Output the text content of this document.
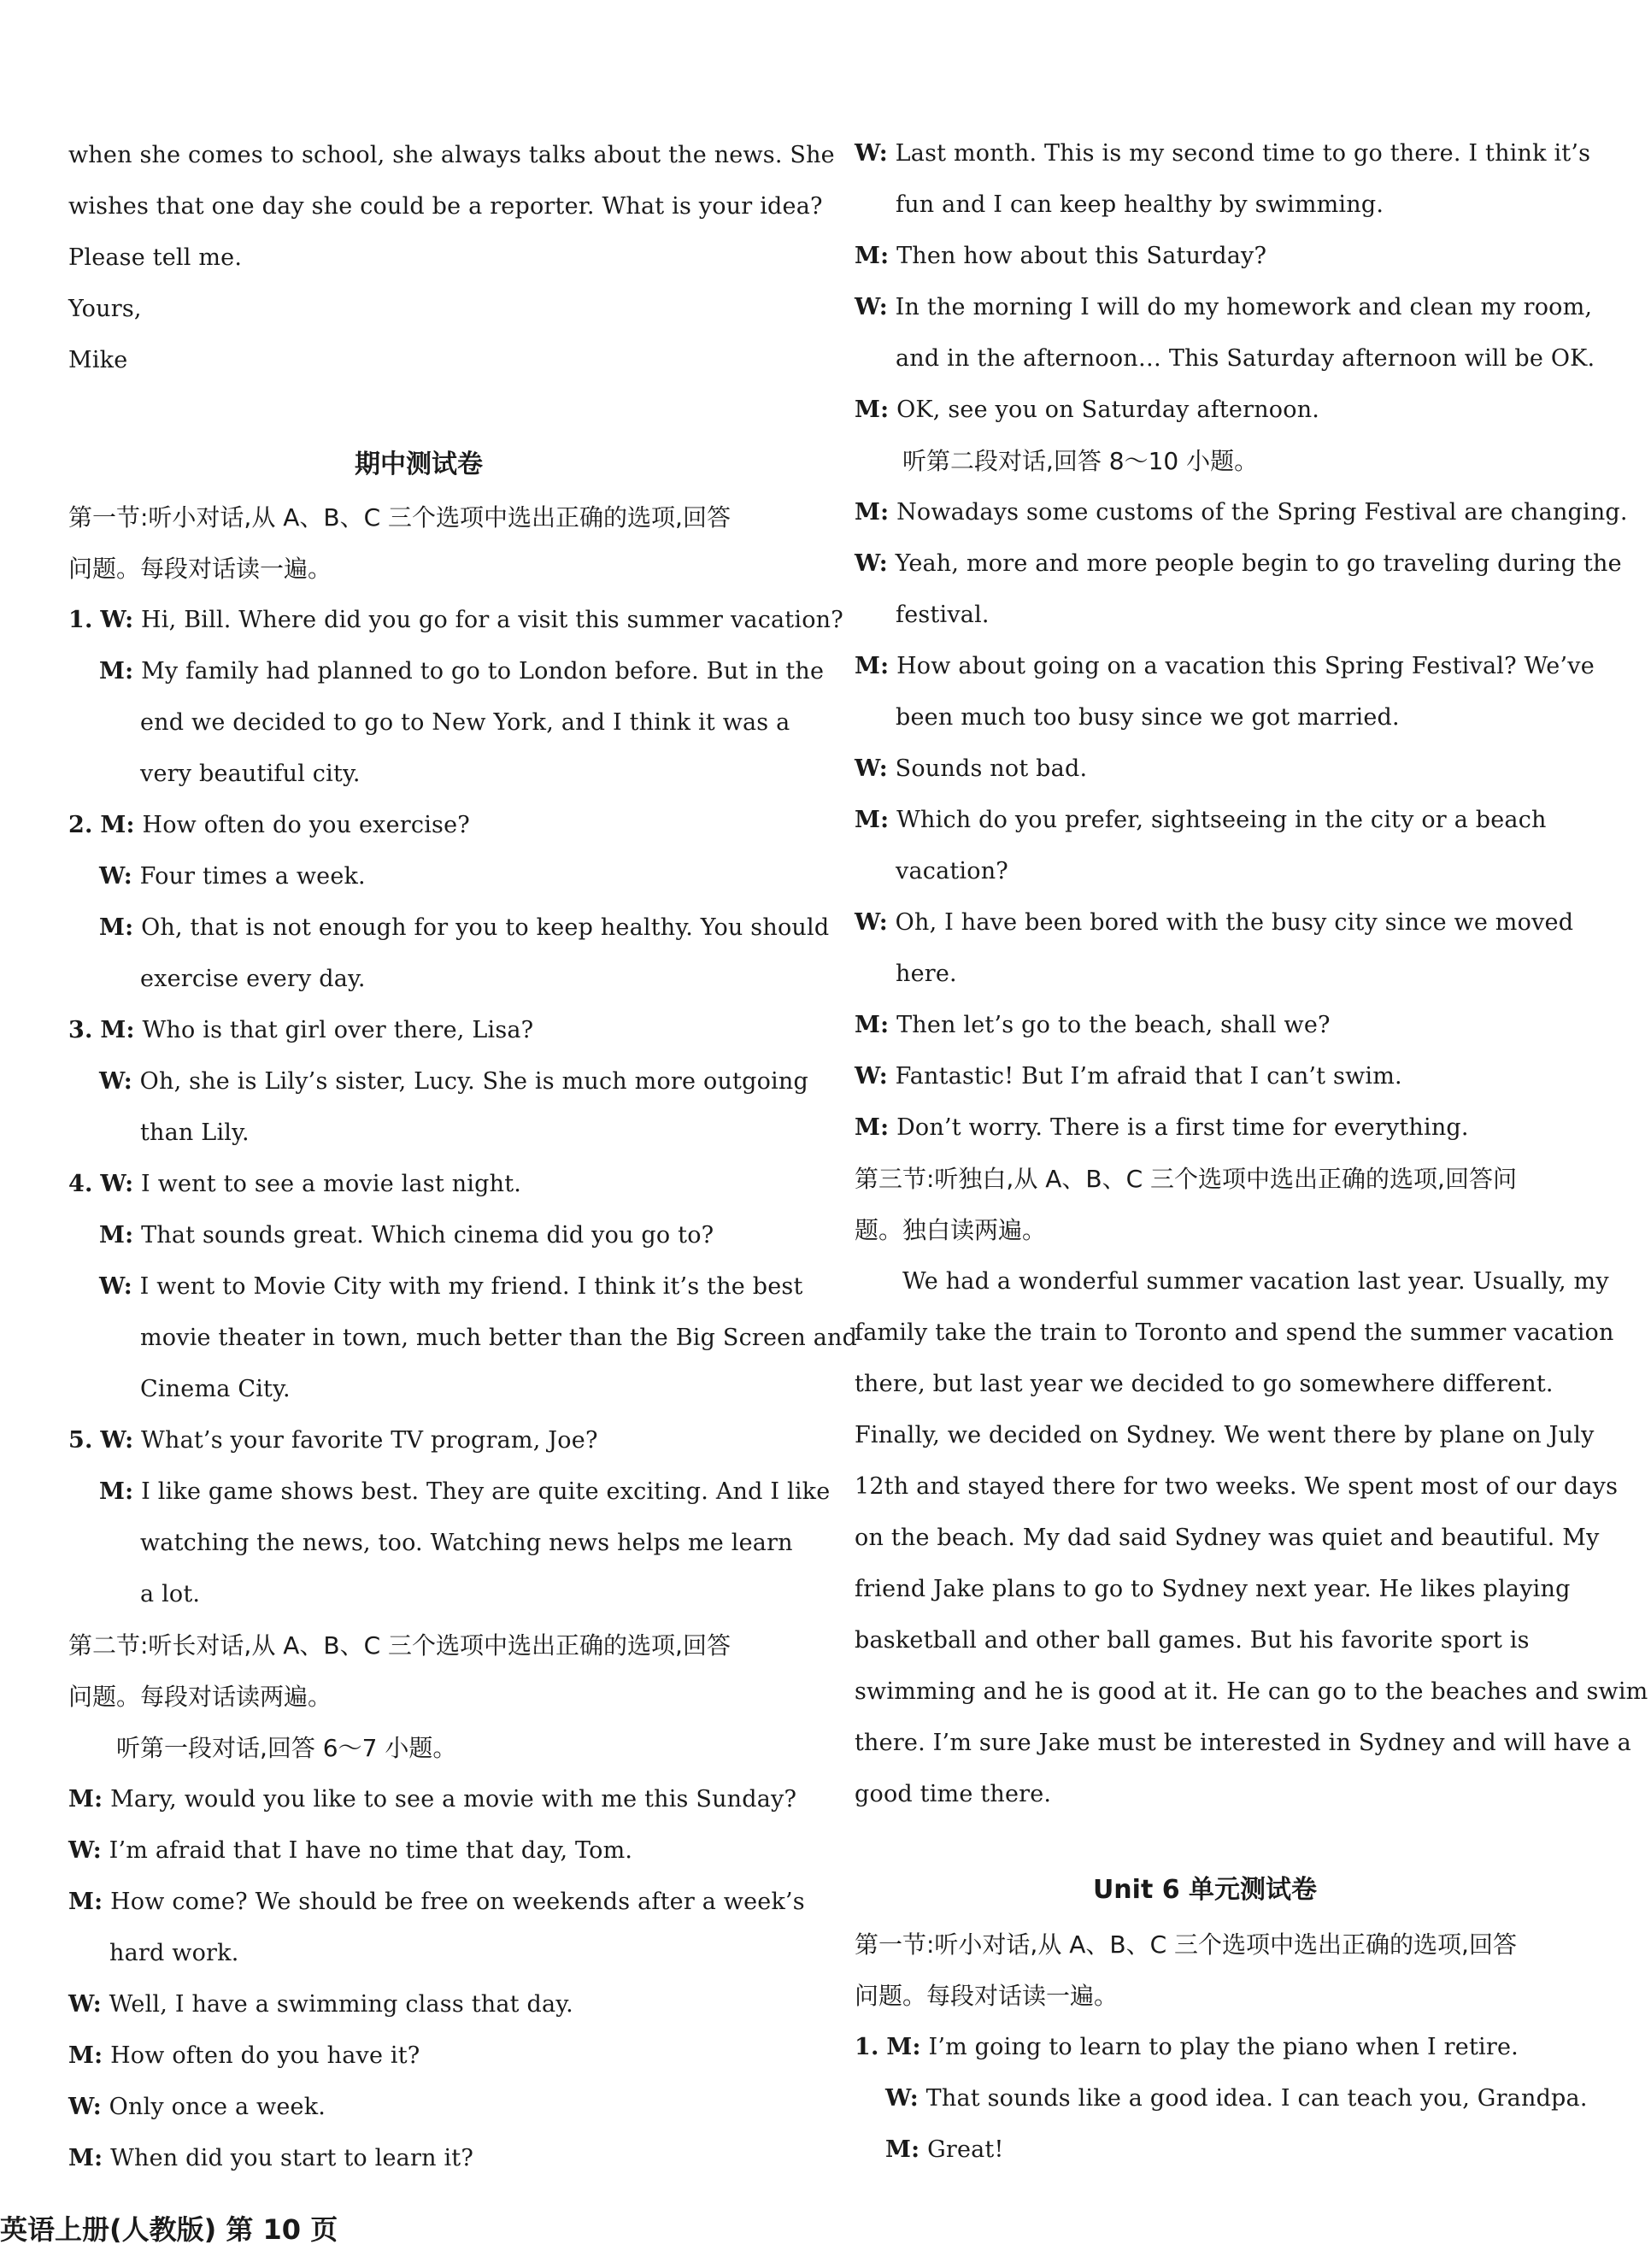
when she comes to school, she always talks about the news. She
wishes that one day she could be a reporter. What is your idea?
Please tell me.
Yours,
Mike
期中测试卷
第一节:听小对话,从 A、B、C 三个选项中选出正确的选项,回答
问题。每段对话读一遍。
1. W: Hi, Bill. Where did you go for a visit this summer vacation?
M: My family had planned to go to London before. But in the
end we decided to go to New York, and I think it was a
very beautiful city.
2. M: How often do you exercise?
W: Four times a week.
M: Oh, that is not enough for you to keep healthy. You should
exercise every day.
3. M: Who is that girl over there, Lisa?
W: Oh, she is Lily’s sister, Lucy. She is much more outgoing
than Lily.
4. W: I went to see a movie last night.
M: That sounds great. Which cinema did you go to?
W: I went to Movie City with my friend. I think it’s the best
movie theater in town, much better than the Big Screen and
Cinema City.
5. W: What’s your favorite TV program, Joe?
M: I like game shows best. They are quite exciting. And I like
watching the news, too. Watching news helps me learn
a lot.
第二节:听长对话,从 A、B、C 三个选项中选出正确的选项,回答
问题。每段对话读两遍。
听第一段对话,回答 6～7 小题。
M: Mary, would you like to see a movie with me this Sunday?
W: I’m afraid that I have no time that day, Tom.
M: How come? We should be free on weekends after a week’s
hard work.
W: Well, I have a swimming class that day.
M: How often do you have it?
W: Only once a week.
M: When did you start to learn it?
英语上册(人教版) 第 10 页
W: Last month. This is my second time to go there. I think it’s
fun and I can keep healthy by swimming.
M: Then how about this Saturday?
W: In the morning I will do my homework and clean my room,
and in the afternoon… This Saturday afternoon will be OK.
M: OK, see you on Saturday afternoon.
听第二段对话,回答 8～10 小题。
M: Nowadays some customs of the Spring Festival are changing.
W: Yeah, more and more people begin to go traveling during the
festival.
M: How about going on a vacation this Spring Festival? We’ve
been much too busy since we got married.
W: Sounds not bad.
M: Which do you prefer, sightseeing in the city or a beach
vacation?
W: Oh, I have been bored with the busy city since we moved
here.
M: Then let’s go to the beach, shall we?
W: Fantastic! But I’m afraid that I can’t swim.
M: Don’t worry. There is a first time for everything.
第三节:听独白,从 A、B、C 三个选项中选出正确的选项,回答问
题。独白读两遍。
We had a wonderful summer vacation last year. Usually, my
family take the train to Toronto and spend the summer vacation
there, but last year we decided to go somewhere different.
Finally, we decided on Sydney. We went there by plane on July
12th and stayed there for two weeks. We spent most of our days
on the beach. My dad said Sydney was quiet and beautiful. My
friend Jake plans to go to Sydney next year. He likes playing
basketball and other ball games. But his favorite sport is
swimming and he is good at it. He can go to the beaches and swim
there. I’m sure Jake must be interested in Sydney and will have a
good time there.
Unit 6 单元测试卷
第一节:听小对话,从 A、B、C 三个选项中选出正确的选项,回答
问题。每段对话读一遍。
1. M: I’m going to learn to play the piano when I retire.
W: That sounds like a good idea. I can teach you, Grandpa.
M: Great!
